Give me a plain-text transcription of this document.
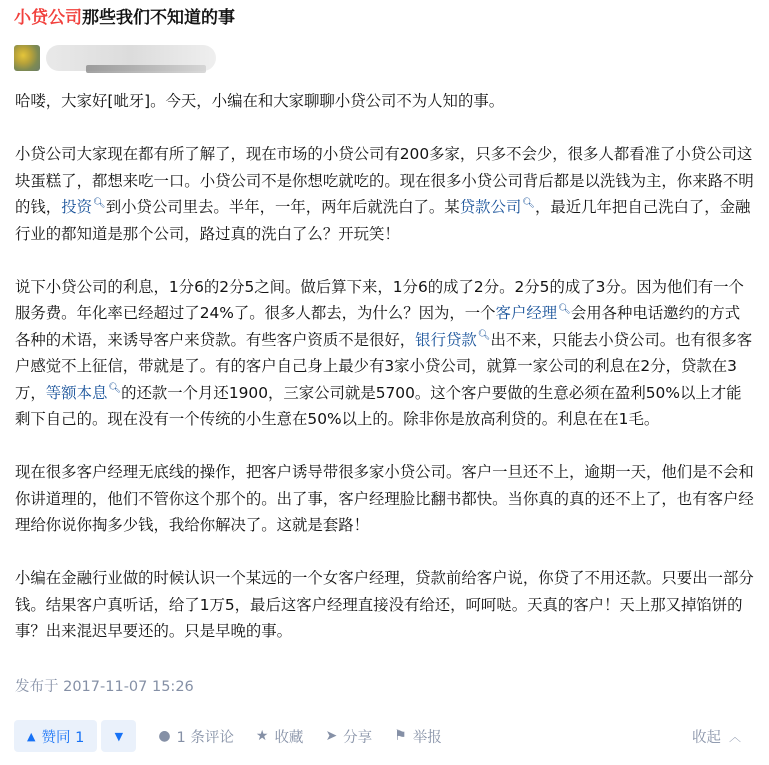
小贷公司那些我们不知道的事

哈喽，大家好[呲牙]。今天，小编在和大家聊聊小贷公司不为人知的事。

小贷公司大家现在都有所了解了，现在市场的小贷公司有200多家，只多不会少，很多人都看准了小贷公司这块蛋糕了，都想来吃一口。小贷公司不是你想吃就吃的。现在很多小贷公司背后都是以洗钱为主，你来路不明的钱，投资🔍︎到小贷公司里去。半年，一年，两年后就洗白了。某贷款公司🔍︎，最近几年把自己洗白了，金融行业的都知道是那个公司，路过真的洗白了么？开玩笑！

说下小贷公司的利息，1分6的2分5之间。做后算下来，1分6的成了2分。2分5的成了3分。因为他们有一个服务费。年化率已经超过了24%了。很多人都去，为什么？因为，一个客户经理🔍︎会用各种电话邀约的方式各种的术语，来诱导客户来贷款。有些客户资质不是很好，银行贷款🔍︎出不来，只能去小贷公司。也有很多客户感觉不上征信，带就是了。有的客户自己身上最少有3家小贷公司，就算一家公司的利息在2分，贷款在3万，等额本息🔍︎的还款一个月还1900，三家公司就是5700。这个客户要做的生意必须在盈利50%以上才能剩下自己的。现在没有一个传统的小生意在50%以上的。除非你是放高利贷的。利息在在1毛。

现在很多客户经理无底线的操作，把客户诱导带很多家小贷公司。客户一旦还不上，逾期一天，他们是不会和你讲道理的，他们不管你这个那个的。出了事，客户经理脸比翻书都快。当你真的真的还不上了，也有客户经理给你说你掏多少钱，我给你解决了。这就是套路！

小编在金融行业做的时候认识一个某远的一个女客户经理，贷款前给客户说，你贷了不用还款。只要出一部分钱。结果客户真听话，给了1万5，最后这客户经理直接没有给还，呵呵哒。天真的客户！天上那又掉馅饼的事？出来混迟早要还的。只是早晚的事。

发布于 2017-11-07 15:26
▲ 赞同 1	▼	● 1 条评论 ★ 收藏 ➤ 分享 ⚑ 举报	收起 ︿
